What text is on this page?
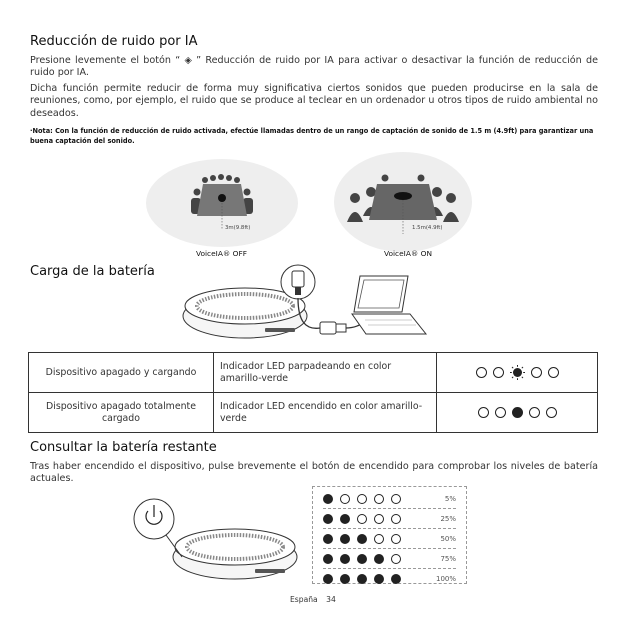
Reducción de ruido por IA
Presione levemente el botón “ ◈ ” Reducción de ruido por IA para activar o desactivar la función de reducción de ruido por IA.
Dicha función permite reducir de forma muy significativa ciertos sonidos que pueden producirse en la sala de reuniones, como, por ejemplo, el ruido que se produce al teclear en un ordenador u otros tipos de ruido ambiental no deseados.
·Nota: Con la función de reducción de ruido activada, efectúe llamadas dentro de un rango de captación de sonido de 1.5 m (4.9ft) para garantizar una buena captación del sonido.
3m(9.8ft)
VoiceIA® OFF
1.5m(4.9ft)
VoiceIA® ON
Carga de la batería
Dispositivo apagado y cargando	Indicador LED parpadeando en color amarillo-verde	

Dispositivo apagado totalmente cargado	Indicador LED encendido en color amarillo-verde	
Consultar la batería restante
Tras haber encendido el dispositivo, pulse brevemente el botón de encendido para comprobar los niveles de batería actuales.
5%
25%
50%
75%
100%
España 34
